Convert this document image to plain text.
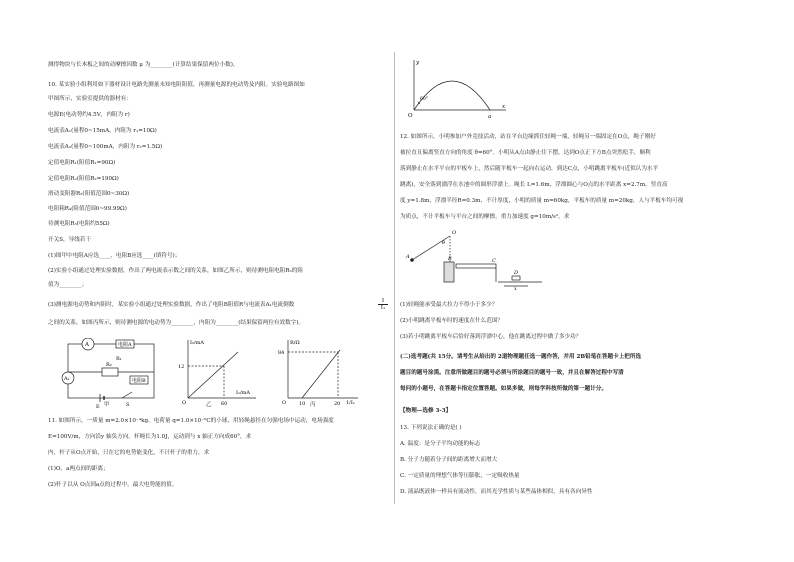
测得物块与长木板之间的动摩擦因数 μ 为________(计算结果保留两位小数)。
10. 某实验小组利用如下器材设计电路先测量未知电阻阻值，再测量电源的电动势及内阻。实验电路图如
甲图所示，实验室提供的器材有：
电源E(电动势约4.5V，内阻为 r)
电流表A₁(量程0~15mA，内阻为 r₁=10Ω)
电流表A₂(量程0~100mA，内阻为 r₂=1.5Ω)
定值电阻R₁(阻值R₁=90Ω)
定值电阻R₂(阻值R₂=190Ω)
滑动变阻器R₃(阻值范围0~30Ω)
电阻箱R₄(阻值范围0~99.99Ω)
待测电阻R₅(电阻约55Ω)
开关S，导线若干
(1)图甲中电阻A应选____，电阻B应选____(填符号)；
(2)实验小组通过处理实验数据，作出了两电流表示数之间的关系，如图乙所示，则待测电阻电阻R₅的阻
值为________；
(3)测电源电动势和内阻时，某实验小组通过处理实验数据，作出了电阻B阻值R与电流表A₁电流倒数
1
I₁
之间的关系，如图丙所示，则待测电源的电动势为________，内阻为________(结果保留两位有效数字)。
A
A₁
电阻A
电阻B
R₂
R₁
S
E 甲
I₂/mA
I₁/mA
12
60
O	乙
R/Ω
1/I₁
84
10	20
O	丙
11. 如图所示，一质量 m=2.0×10⁻⁴kg、电荷量 q=1.0×10⁻⁶C的小球，用轻绳悬挂在匀强电场中运动，电场强度
E=100V/m，方向沿y 轴负方向。杆绳长为1.0J，运动到与 x 轴正方向成60°，求
内，杆子从O点开始，只在它的电势能变化，不计杆子的重力。求
(1)O、a两点间的距离；
(2)杆子以从 O点到a点的过程中，最大电势能的值。
y
x
O	a
60°
12. 如图所示，小明参加户外竞技活动，站在平台边缘抓住轻绳一端，轻绳另一端固定在O点，绳子刚好
被拉直且偏离竖直方向的角度 θ=60°。小明从A点由静止往下摆，达到O点正下方B点突然松手，顺利
落到静止在水平平台的平板车上，然后随平板车一起向右运动，到达C点，小明跳离平板车(近似认为水平
跳离)，安全落到漂浮在水池中的圆形浮漂上。绳长 L=1.6m，浮漂圆心与O点的水平距离 x=2.7m、竖直高
度 y=1.8m，浮漂半径R=0.3m、不计厚度，小明的质量 m=60kg，平板车的质量 m=20kg，人与平板车均可视
为质点，不计平板车与平台之间的摩擦。重力加速度 g=10m/s²。求
O
A	B	C
D
θ
x
(1)轻绳能承受最大拉力不得小于多少？
(2)小明跳离平板车时的速度在什么范围？
(3)若小明跳离平板车后恰好落到浮漂中心，他在跳离过程中做了多少功？
(二)选考题(共 15分。请考生从给出的 2道物理题任选一题作答，并用 2B铅笔在答题卡上把所选
题目的题号涂黑。注意所做题目的题号必须与所涂题目的题号一致，并且在解答过程中写清
每问的小题号，在答题卡指定位置答题。如果多做，则每学科按所做的第一题计分。
【物理—选修 3-3】
13. 下列说法正确的是( )
A. 温度：是分子平均动能的标志
B. 分子力随着分子间的距离增大而增大
C. 一定质量的理想气体等压膨胀，一定吸收热量
D. 液晶既液体一样具有流动性，而其光学性质与某些晶体相似，具有各向异性
